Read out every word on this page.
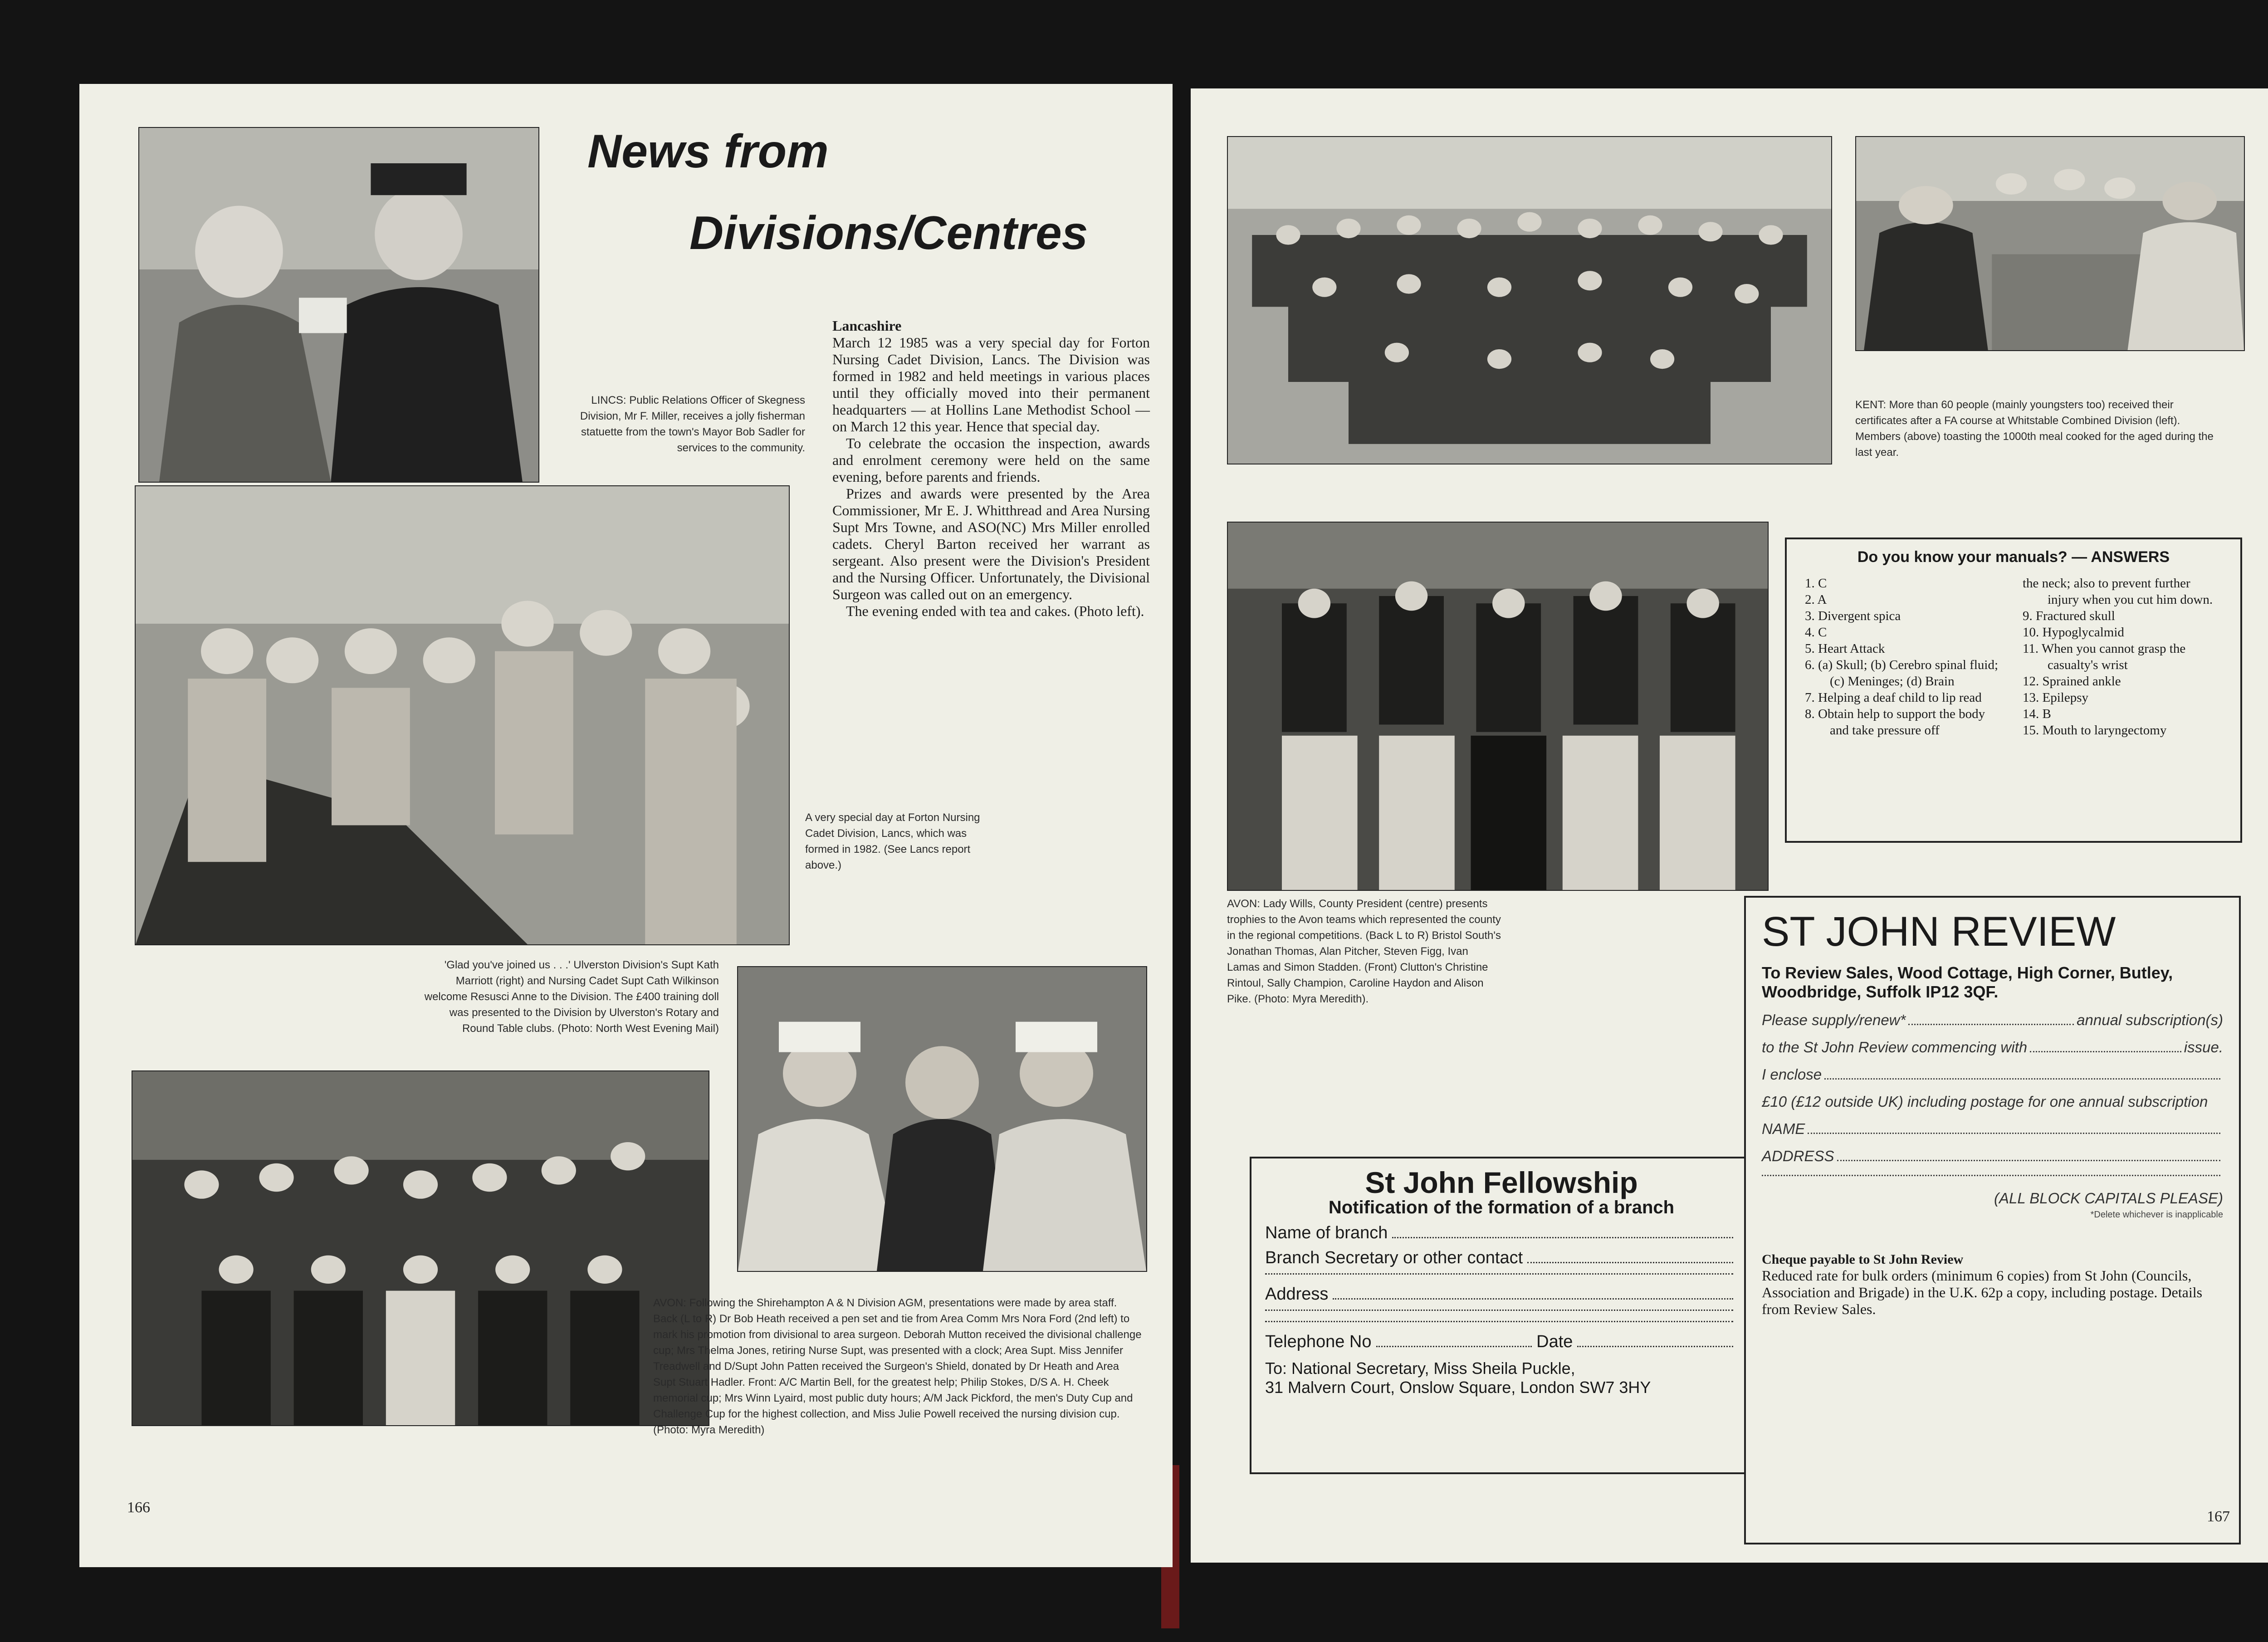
News from
Divisions/Centres
LINCS: Public Relations Officer of Skegness Division, Mr F. Miller, receives a jolly fisherman statuette from the town's Mayor Bob Sadler for services to the community.
Lancashire

March 12 1985 was a very special day for Forton Nursing Cadet Division, Lancs. The Division was formed in 1982 and held meetings in various places until they officially moved into their permanent headquarters — at Hollins Lane Methodist School — on March 12 this year. Hence that special day.

To celebrate the occasion the inspection, awards and enrolment ceremony were held on the same evening, before parents and friends.

Prizes and awards were presented by the Area Commissioner, Mr E. J. Whitthread and Area Nursing Supt Mrs Towne, and ASO(NC) Mrs Miller enrolled cadets. Cheryl Barton received her warrant as sergeant. Also present were the Division's President and the Nursing Officer. Unfortunately, the Divisional Surgeon was called out on an emergency.

The evening ended with tea and cakes. (Photo left).

A very special day at Forton Nursing Cadet Division, Lancs, which was formed in 1982. (See Lancs report above.)
'Glad you've joined us . . .' Ulverston Division's Supt Kath Marriott (right) and Nursing Cadet Supt Cath Wilkinson welcome Resusci Anne to the Division. The £400 training doll was presented to the Division by Ulverston's Rotary and Round Table clubs. (Photo: North West Evening Mail)
AVON: Following the Shirehampton A & N Division AGM, presentations were made by area staff. Back (L to R) Dr Bob Heath received a pen set and tie from Area Comm Mrs Nora Ford (2nd left) to mark his promotion from divisional to area surgeon. Deborah Mutton received the divisional challenge cup; Mrs Thelma Jones, retiring Nurse Supt, was presented with a clock; Area Supt. Miss Jennifer Treadwell and D/Supt John Patten received the Surgeon's Shield, donated by Dr Heath and Area Supt Stuart Hadler. Front: A/C Martin Bell, for the greatest help; Philip Stokes, D/S A. H. Cheek memorial cup; Mrs Winn Lyaird, most public duty hours; A/M Jack Pickford, the men's Duty Cup and Challenge Cup for the highest collection, and Miss Julie Powell received the nursing division cup. (Photo: Myra Meredith)
166
KENT: More than 60 people (mainly youngsters too) received their certificates after a FA course at Whitstable Combined Division (left). Members (above) toasting the 1000th meal cooked for the aged during the last year.
AVON: Lady Wills, County President (centre) presents trophies to the Avon teams which represented the county in the regional competitions. (Back L to R) Bristol South's Jonathan Thomas, Alan Pitcher, Steven Figg, Ivan Lamas and Simon Stadden. (Front) Clutton's Christine Rintoul, Sally Champion, Caroline Haydon and Alison Pike. (Photo: Myra Meredith).
Do you know your manuals? — ANSWERS
1. C
2. A
3. Divergent spica
4. C
5. Heart Attack
6. (a) Skull; (b) Cerebro spinal fluid; (c) Meninges; (d) Brain
7. Helping a deaf child to lip read
8. Obtain help to support the body and take pressure off
the neck; also to prevent further injury when you cut him down.
9. Fractured skull
10. Hypoglycalmid
11. When you cannot grasp the casualty's wrist
12. Sprained ankle
13. Epilepsy
14. B
15. Mouth to laryngectomy
St John Fellowship
Notification of the formation of a branch
Name of branch
Branch Secretary or other contact
Address
Telephone No	Date
To: National Secretary, Miss Sheila Puckle,
31 Malvern Court, Onslow Square, London SW7 3HY
ST JOHN REVIEW
To Review Sales, Wood Cottage, High Corner, Butley, Woodbridge, Suffolk IP12 3QF.
Please supply/renew*	annual subscription(s)
to the St John Review commencing with	issue.
I enclose
£10 (£12 outside UK) including postage for one annual subscription
NAME
ADDRESS
(ALL BLOCK CAPITALS PLEASE)
*Delete whichever is inapplicable
Cheque payable to St John Review
Reduced rate for bulk orders (minimum 6 copies) from St John (Councils, Association and Brigade) in the U.K. 62p a copy, including postage. Details from Review Sales.
167
